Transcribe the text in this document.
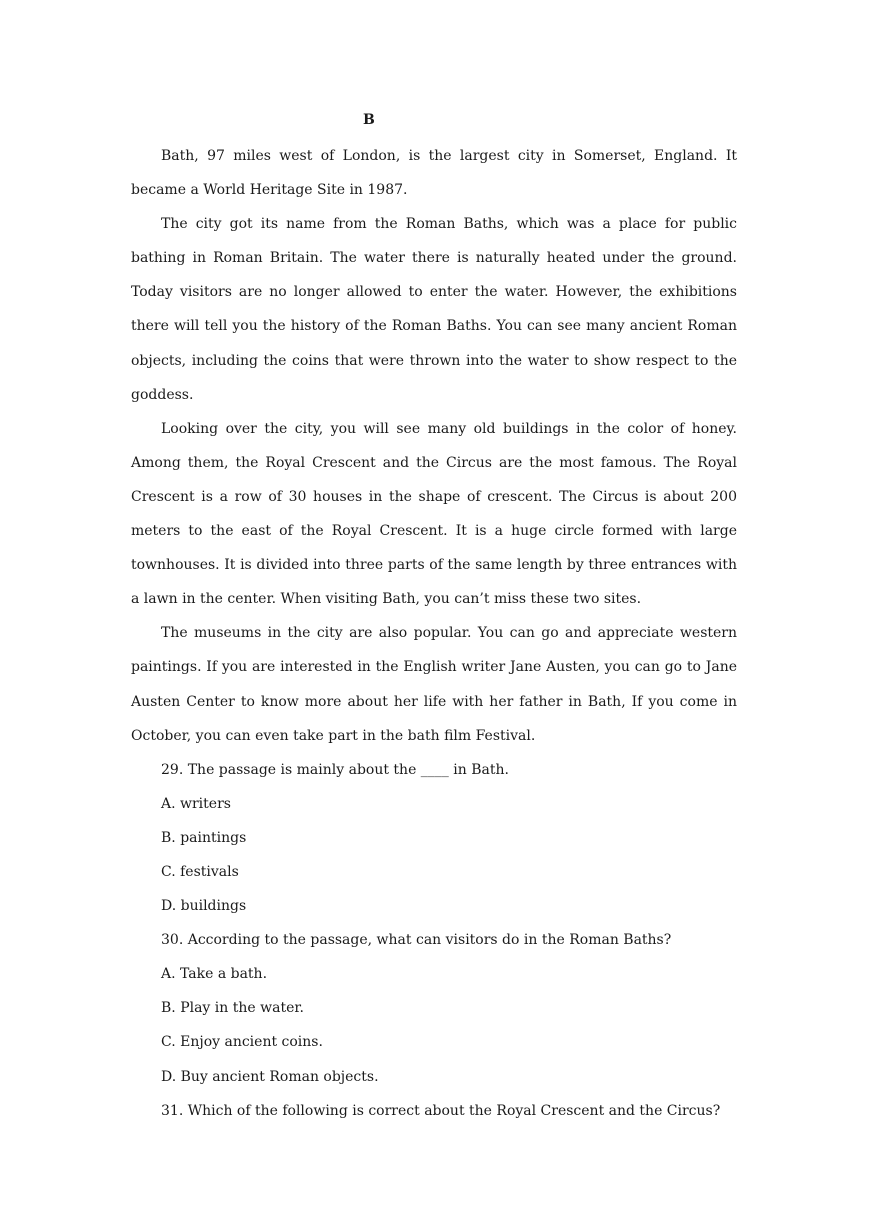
B

Bath, 97 miles west of London, is the largest city in Somerset, England. It became a World Heritage Site in 1987.

The city got its name from the Roman Baths, which was a place for public bathing in Roman Britain. The water there is naturally heated under the ground. Today visitors are no longer allowed to enter the water. However, the exhibitions there will tell you the history of the Roman Baths. You can see many ancient Roman objects, including the coins that were thrown into the water to show respect to the goddess.

Looking over the city, you will see many old buildings in the color of honey. Among them, the Royal Crescent and the Circus are the most famous. The Royal Crescent is a row of 30 houses in the shape of crescent. The Circus is about 200 meters to the east of the Royal Crescent. It is a huge circle formed with large townhouses. It is divided into three parts of the same length by three entrances with a lawn in the center. When visiting Bath, you can’t miss these two sites.

The museums in the city are also popular. You can go and appreciate western paintings. If you are interested in the English writer Jane Austen, you can go to Jane Austen Center to know more about her life with her father in Bath, If you come in October, you can even take part in the bath film Festival.

29. The passage is mainly about the ____ in Bath.

A. writers

B. paintings

C. festivals

D. buildings

30. According to the passage, what can visitors do in the Roman Baths?

A. Take a bath.

B. Play in the water.

C. Enjoy ancient coins.

D. Buy ancient Roman objects.

31. Which of the following is correct about the Royal Crescent and the Circus?
